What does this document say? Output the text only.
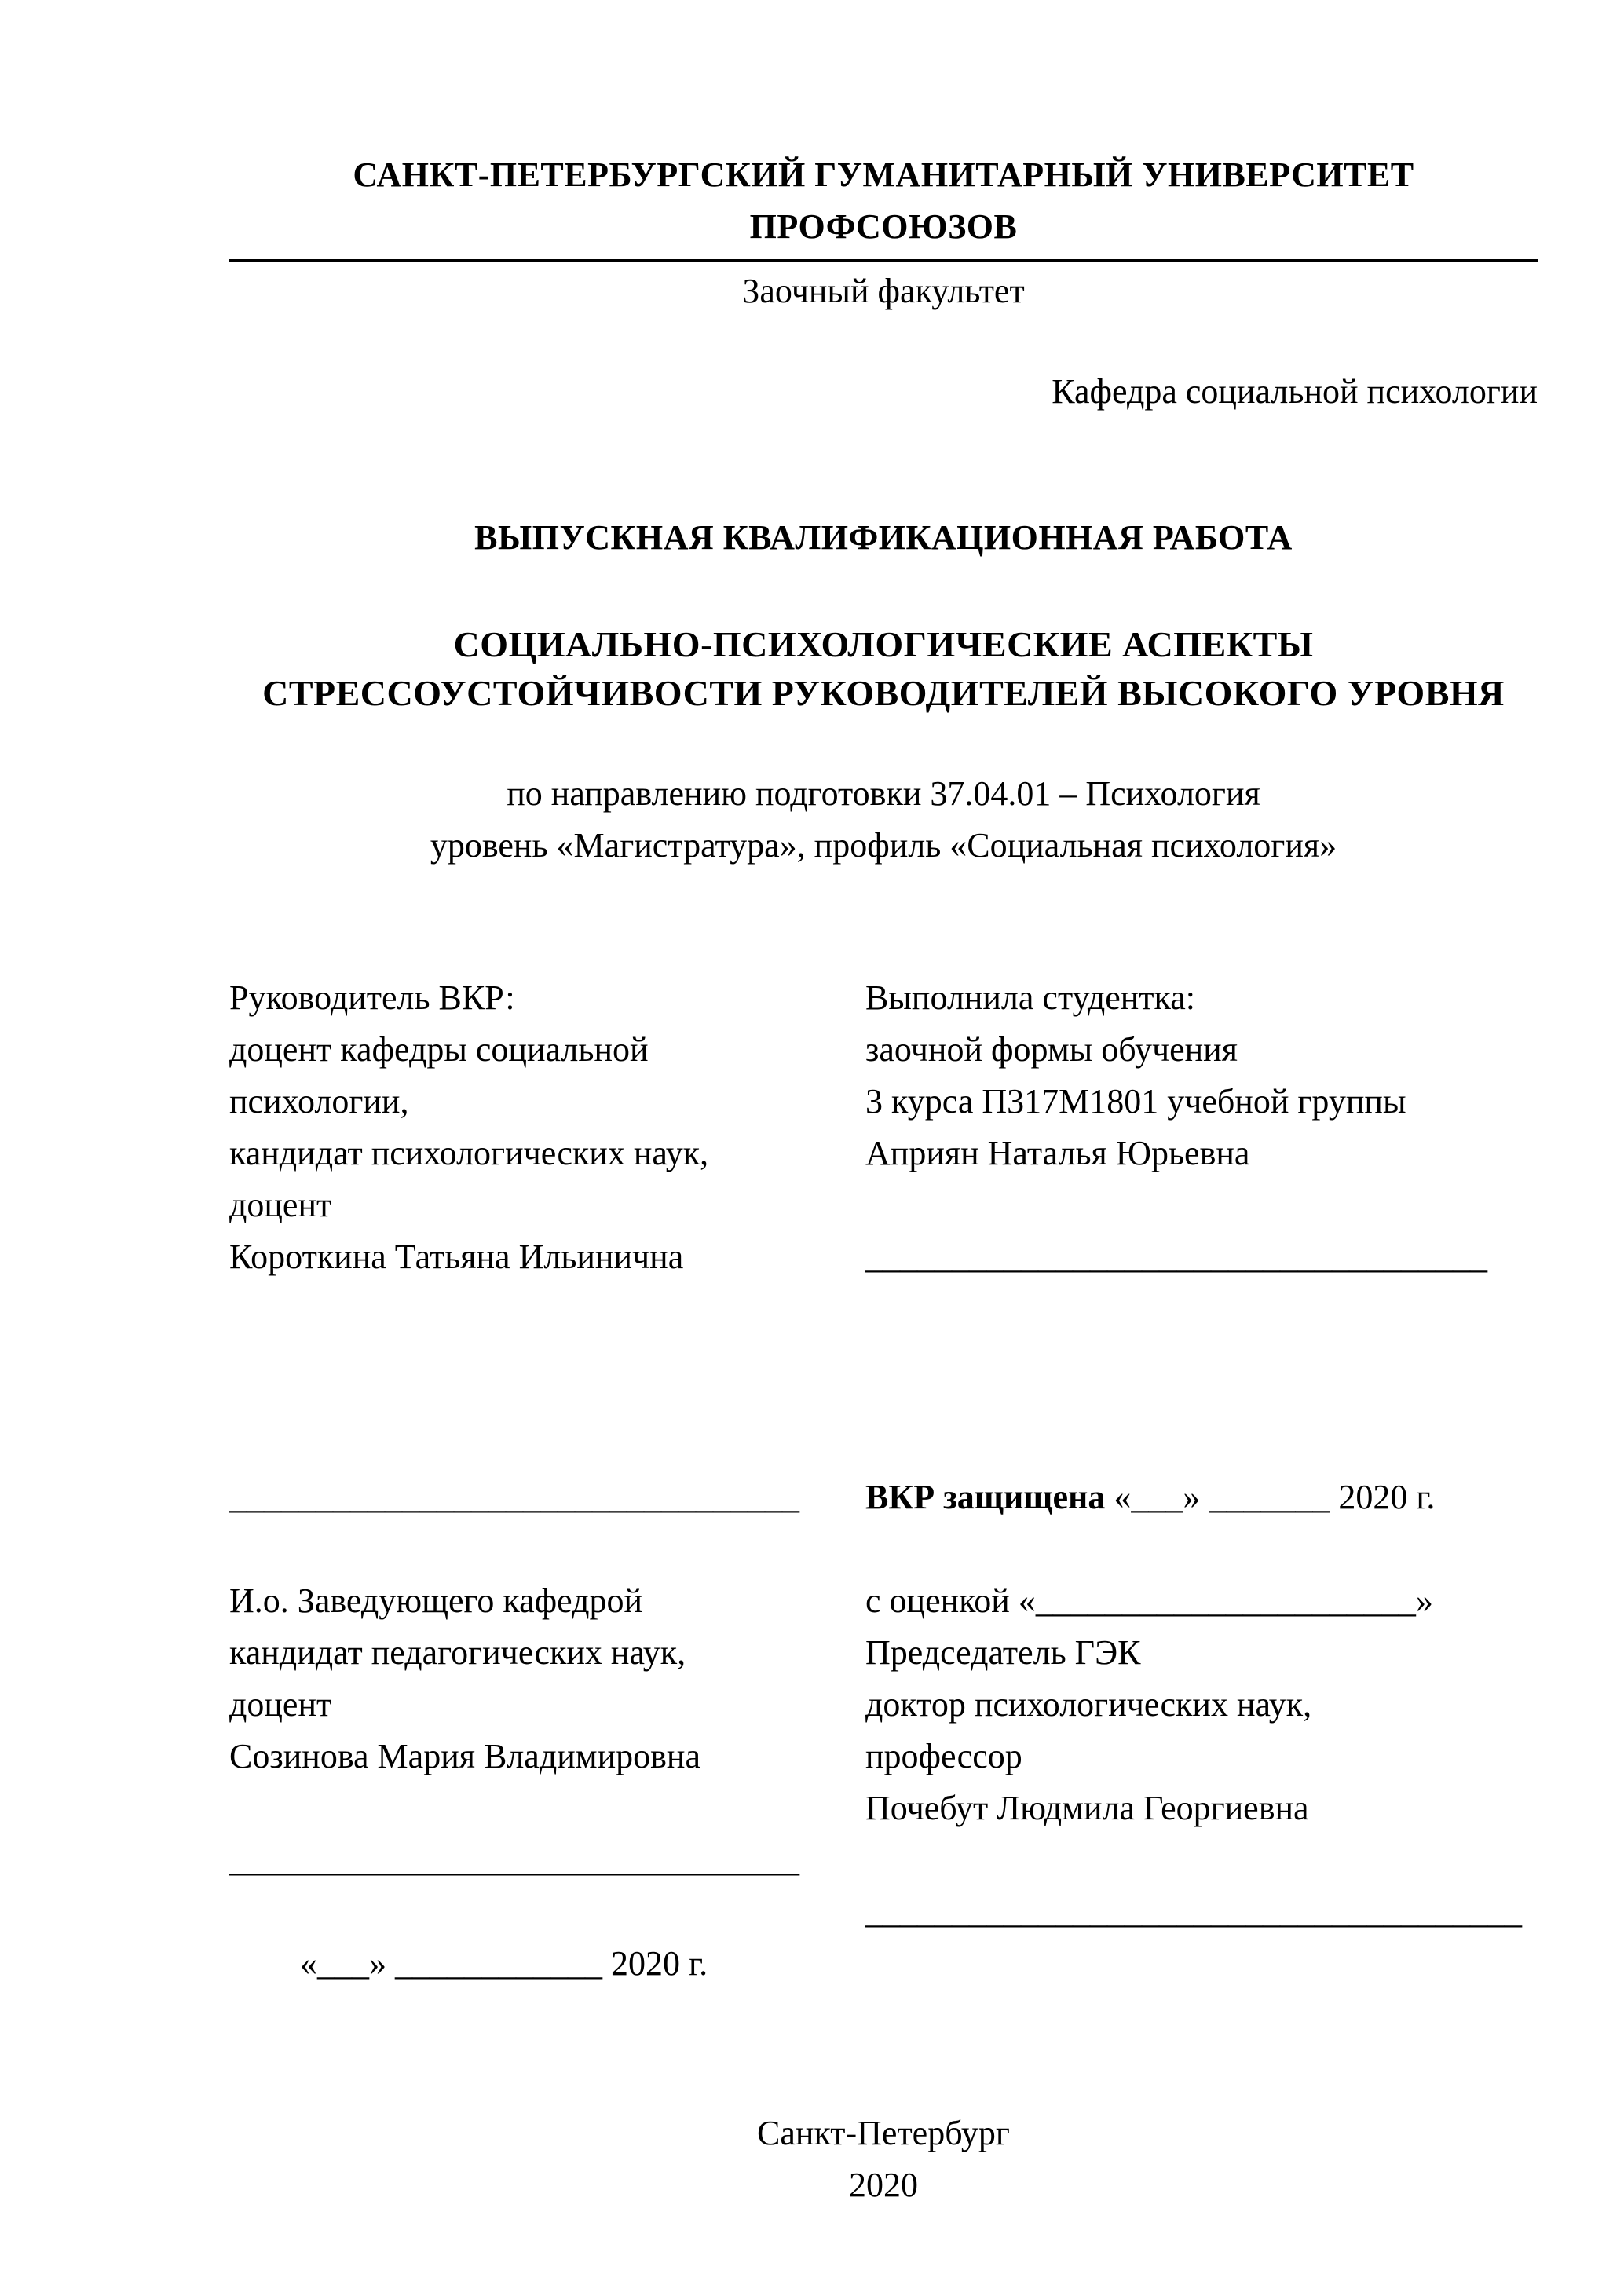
САНКТ-ПЕТЕРБУРГСКИЙ ГУМАНИТАРНЫЙ УНИВЕРСИТЕТ ПРОФСОЮЗОВ
Заочный факультет
Кафедра социальной психологии
ВЫПУСКНАЯ КВАЛИФИКАЦИОННАЯ РАБОТА
СОЦИАЛЬНО-ПСИХОЛОГИЧЕСКИЕ АСПЕКТЫ
СТРЕССОУСТОЙЧИВОСТИ РУКОВОДИТЕЛЕЙ ВЫСОКОГО УРОВНЯ
по направлению подготовки 37.04.01 – Психология
уровень «Магистратура», профиль «Социальная психология»
Руководитель ВКР:
доцент кафедры социальной
психологии,
кандидат психологических наук,
доцент
Короткина Татьяна Ильинична
Выполнила студентка:
заочной формы обучения
3 курса П317М1801 учебной группы
Априян Наталья Юрьевна
____________________________________
_________________________________
И.о. Заведующего кафедрой
кандидат педагогических наук,
доцент
Созинова Мария Владимировна
_________________________________
«___» ____________ 2020 г.
ВКР защищена «___» _______ 2020 г.
с оценкой «______________________»
Председатель ГЭК
доктор психологических наук,
профессор
Почебут Людмила Георгиевна
______________________________________
Санкт-Петербург
2020
